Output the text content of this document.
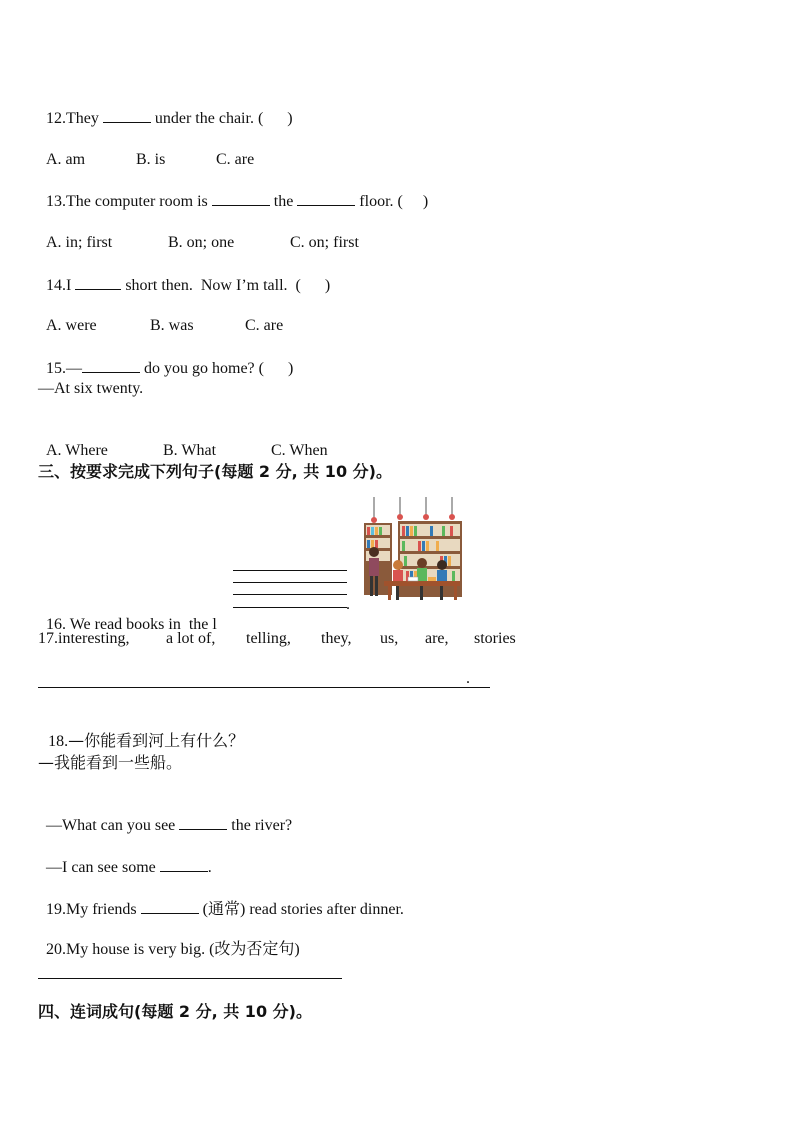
12.They	under the chair. (      )

A. am	B. is	C. are

13.The computer room is	the	floor. (     )

A. in; first	B. on; one	C. on; first

14.I	short then.  Now I’m tall. (      )

A. were	B. was	C. are

15.—	do you go home? (      )

—At six twenty.

A. Where	B. What	C. When

三、按要求完成下列句子(每题 2 分, 共 10 分)。

16. We read books in  the l

.

17.interesting,

a lot of,

telling,

they,

us,

are,

stories

.

18.—你能看到河上有什么？

—我能看到一些船。

—What can you see	the river?

—I can see some	.

19.My friends	(通常) read stories after dinner.

20.My house is very big. (改为否定句)

四、连词成句(每题 2 分, 共 10 分)。
